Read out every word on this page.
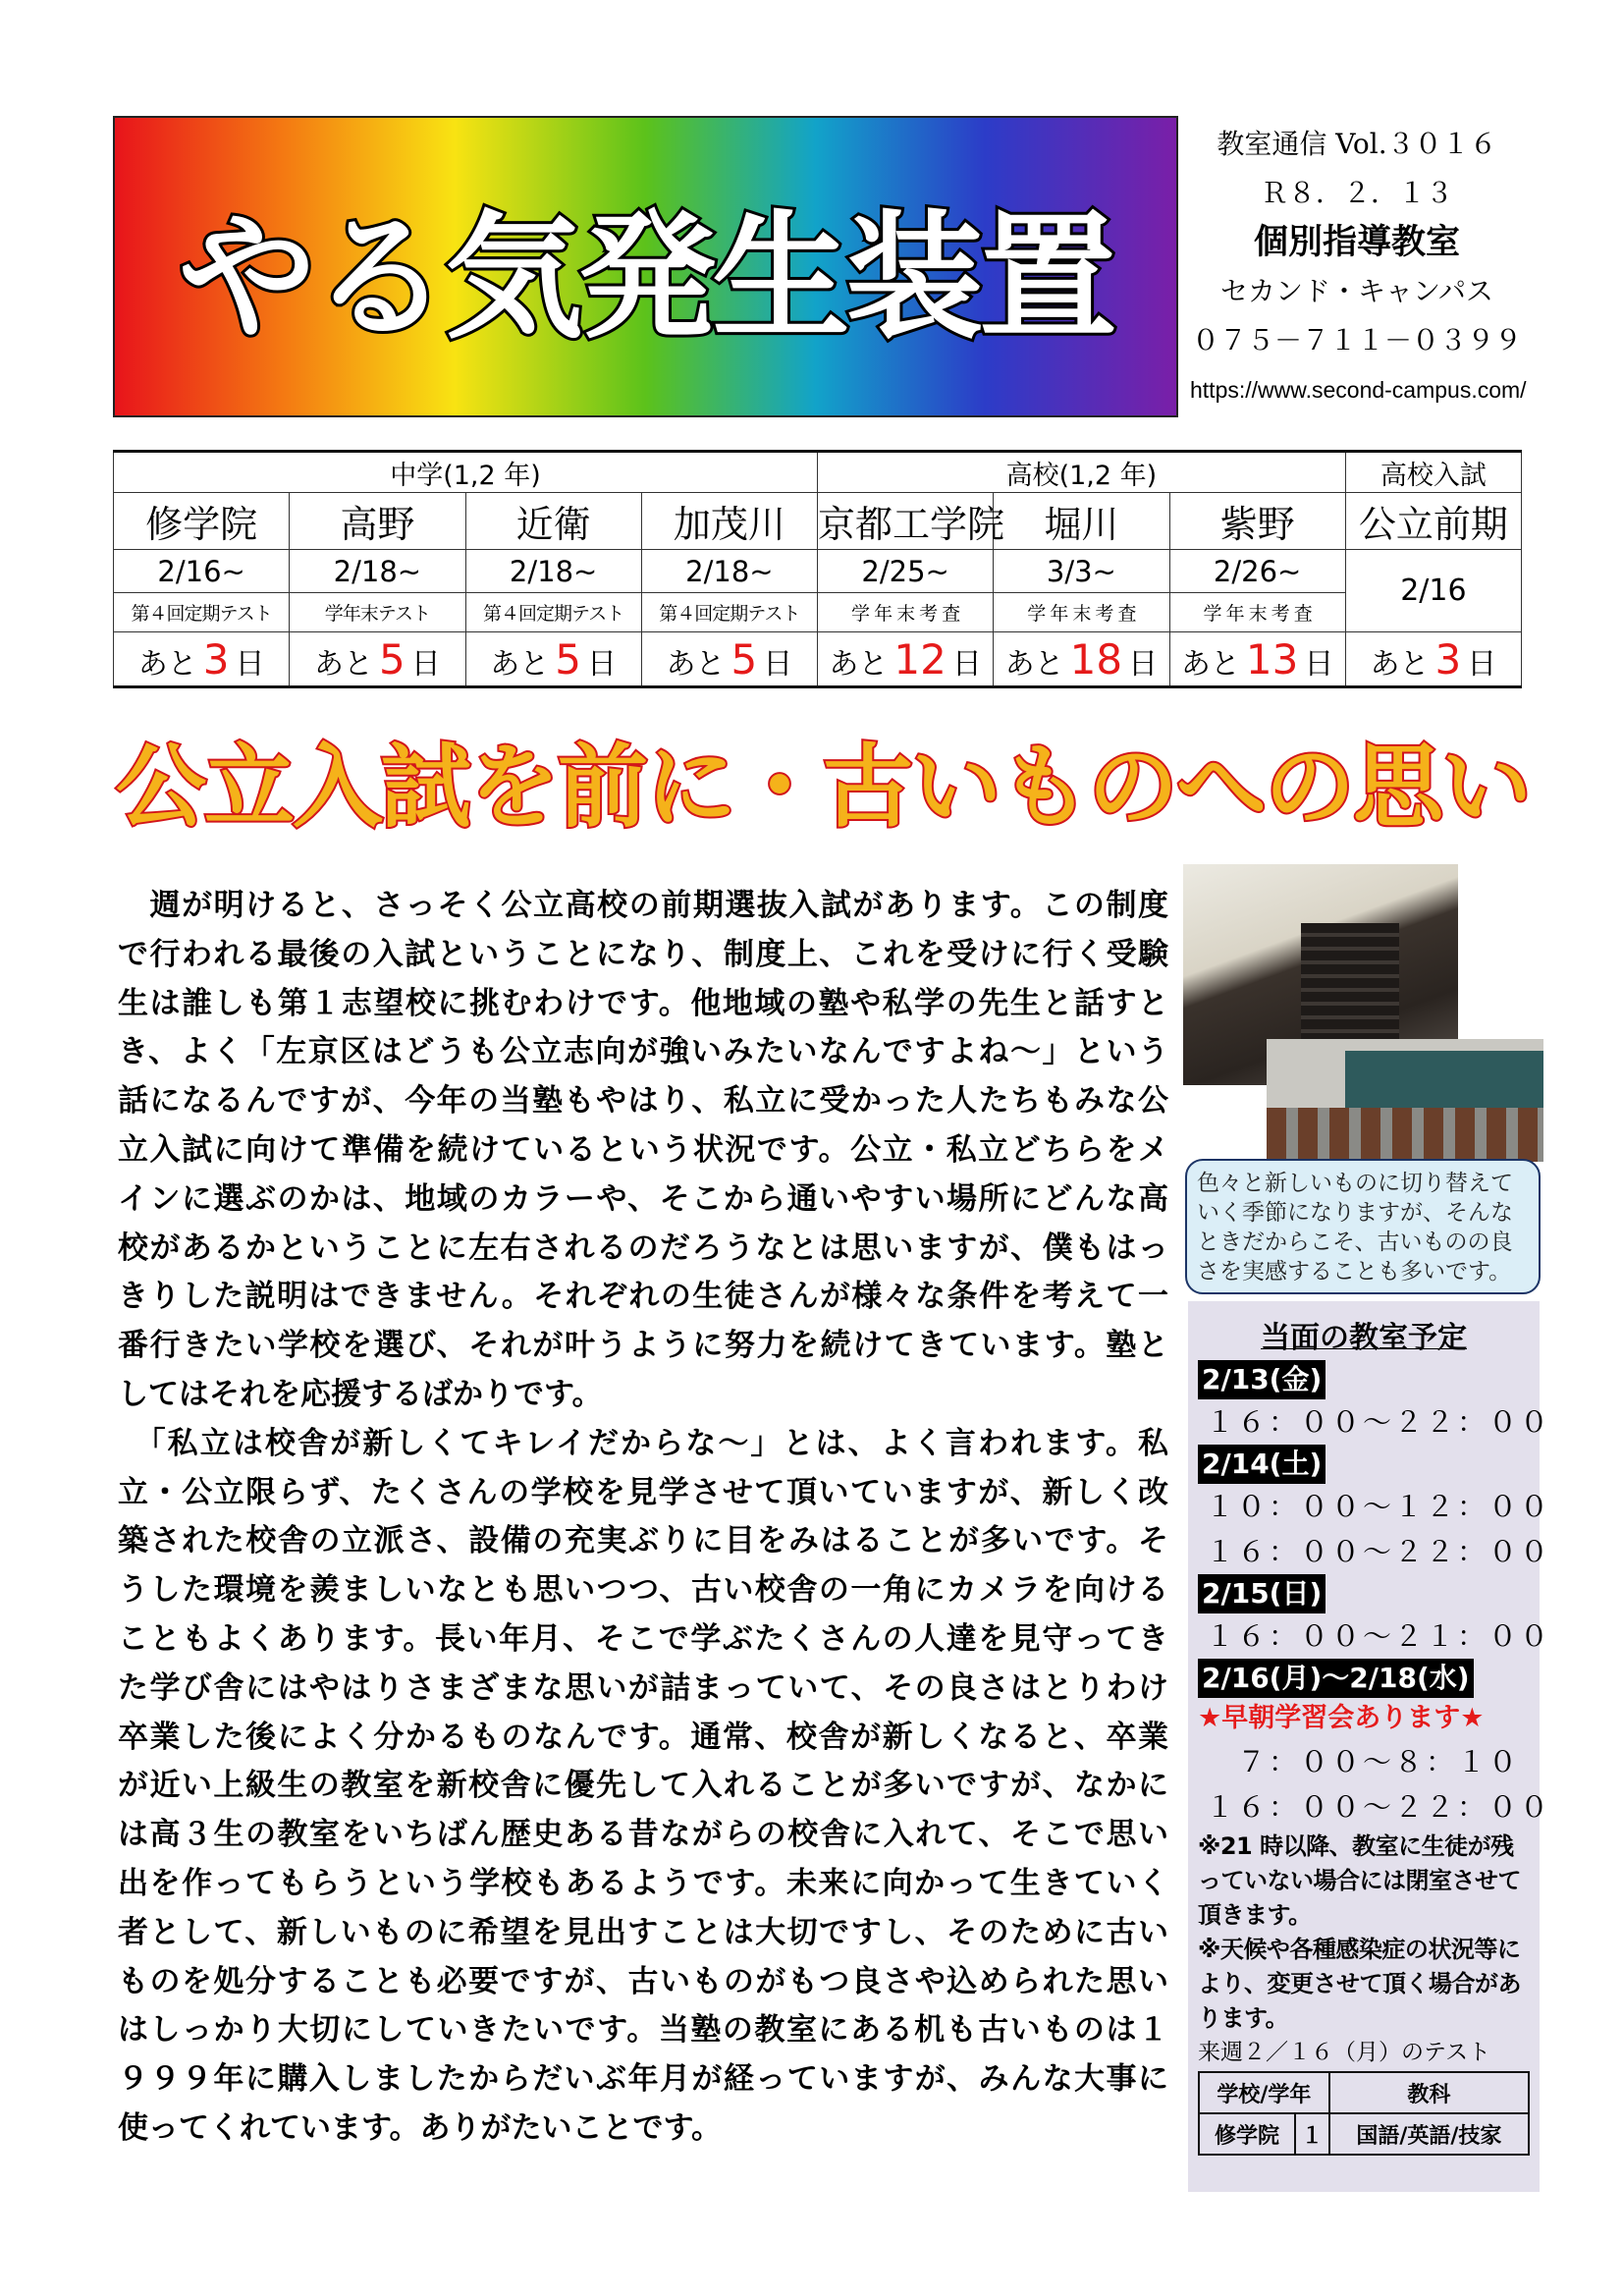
やる気発生装置
教室通信 Vol.３０１６
Ｒ８．２．１３
個別指導教室
セカンド・キャンパス
０７５－７１１－０３９９
https://www.second-campus.com/
中学(1,2 年)				高校(1,2 年)			高校入試
修学院	高野	近衛	加茂川	京都工学院	堀川	紫野	公立前期
2/16~	2/18~	2/18~	2/18~	2/25~	3/3~	2/26~	2/16
第４回定期テスト	学年末テスト	第４回定期テスト	第４回定期テスト	学 年 末 考 査	学 年 末 考 査	学 年 末 考 査	
あと 3 日	あと 5 日	あと 5 日	あと 5 日	あと 12 日	あと 18 日	あと 13 日	あと 3 日
公立入試を前に・古いものへの思い
　週が明けると、さっそく公立高校の前期選抜入試があります。この制度
で行われる最後の入試ということになり、制度上、これを受けに行く受験
生は誰しも第１志望校に挑むわけです。他地域の塾や私学の先生と話すと
き、よく「左京区はどうも公立志向が強いみたいなんですよね～」という
話になるんですが、今年の当塾もやはり、私立に受かった人たちもみな公
立入試に向けて準備を続けているという状況です。公立・私立どちらをメ
インに選ぶのかは、地域のカラーや、そこから通いやすい場所にどんな高
校があるかということに左右されるのだろうなとは思いますが、僕もはっ
きりした説明はできません。それぞれの生徒さんが様々な条件を考えて一
番行きたい学校を選び、それが叶うように努力を続けてきています。塾と
してはそれを応援するばかりです。
　「私立は校舎が新しくてキレイだからな～」とは、よく言われます。私
立・公立限らず、たくさんの学校を見学させて頂いていますが、新しく改
築された校舎の立派さ、設備の充実ぶりに目をみはることが多いです。そ
うした環境を羨ましいなとも思いつつ、古い校舎の一角にカメラを向ける
こともよくあります。長い年月、そこで学ぶたくさんの人達を見守ってき
た学び舎にはやはりさまざまな思いが詰まっていて、その良さはとりわけ
卒業した後によく分かるものなんです。通常、校舎が新しくなると、卒業
が近い上級生の教室を新校舎に優先して入れることが多いですが、なかに
は高３生の教室をいちばん歴史ある昔ながらの校舎に入れて、そこで思い
出を作ってもらうという学校もあるようです。未来に向かって生きていく
者として、新しいものに希望を見出すことは大切ですし、そのために古い
ものを処分することも必要ですが、古いものがもつ良さや込められた思い
はしっかり大切にしていきたいです。当塾の教室にある机も古いものは１
９９９年に購入しましたからだいぶ年月が経っていますが、みんな大事に
使ってくれています。ありがたいことです。
色々と新しいものに切り替えていく季節になりますが、そんなときだからこそ、古いものの良さを実感することも多いです。
当面の教室予定
2/13(金)
１６：００～２２：００
2/14(土)
１０：００～１２：００
１６：００～２２：００
2/15(日)
１６：００～２１：００
2/16(月)～2/18(水)
★早朝学習会あります★
７：００～８：１０
１６：００～２２：００
※21 時以降、教室に生徒が残っていない場合には閉室させて頂きます。
※天候や各種感染症の状況等により、変更させて頂く場合があります。
来週２／１６（月）のテスト
学校/学年		教科
修学院	１	国語/英語/技家
